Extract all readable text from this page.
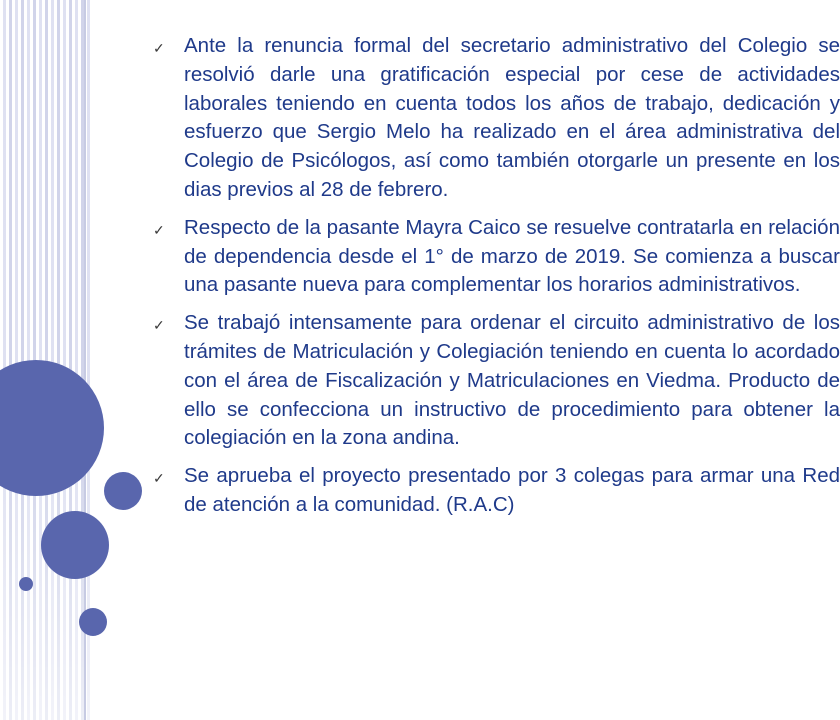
✓ Ante la renuncia formal del secretario administrativo del Colegio se resolvió darle una gratificación especial por cese de actividades laborales teniendo en cuenta todos los años de trabajo, dedicación y esfuerzo que Sergio Melo ha realizado en el área administrativa del Colegio de Psicólogos, así como también otorgarle un presente en los dias previos al 28 de febrero.
✓ Respecto de la pasante Mayra Caico se resuelve contratarla en relación de dependencia desde el 1° de marzo de 2019. Se comienza a buscar una pasante nueva para complementar los horarios administrativos.
✓ Se trabajó intensamente para ordenar el circuito administrativo de los trámites de Matriculación y Colegiación teniendo en cuenta lo acordado con el área de Fiscalización y Matriculaciones en Viedma. Producto de ello se confecciona un instructivo de procedimiento para obtener la colegiación en la zona andina.
✓ Se aprueba el proyecto presentado por 3 colegas para armar una Red de atención a la comunidad. (R.A.C)
